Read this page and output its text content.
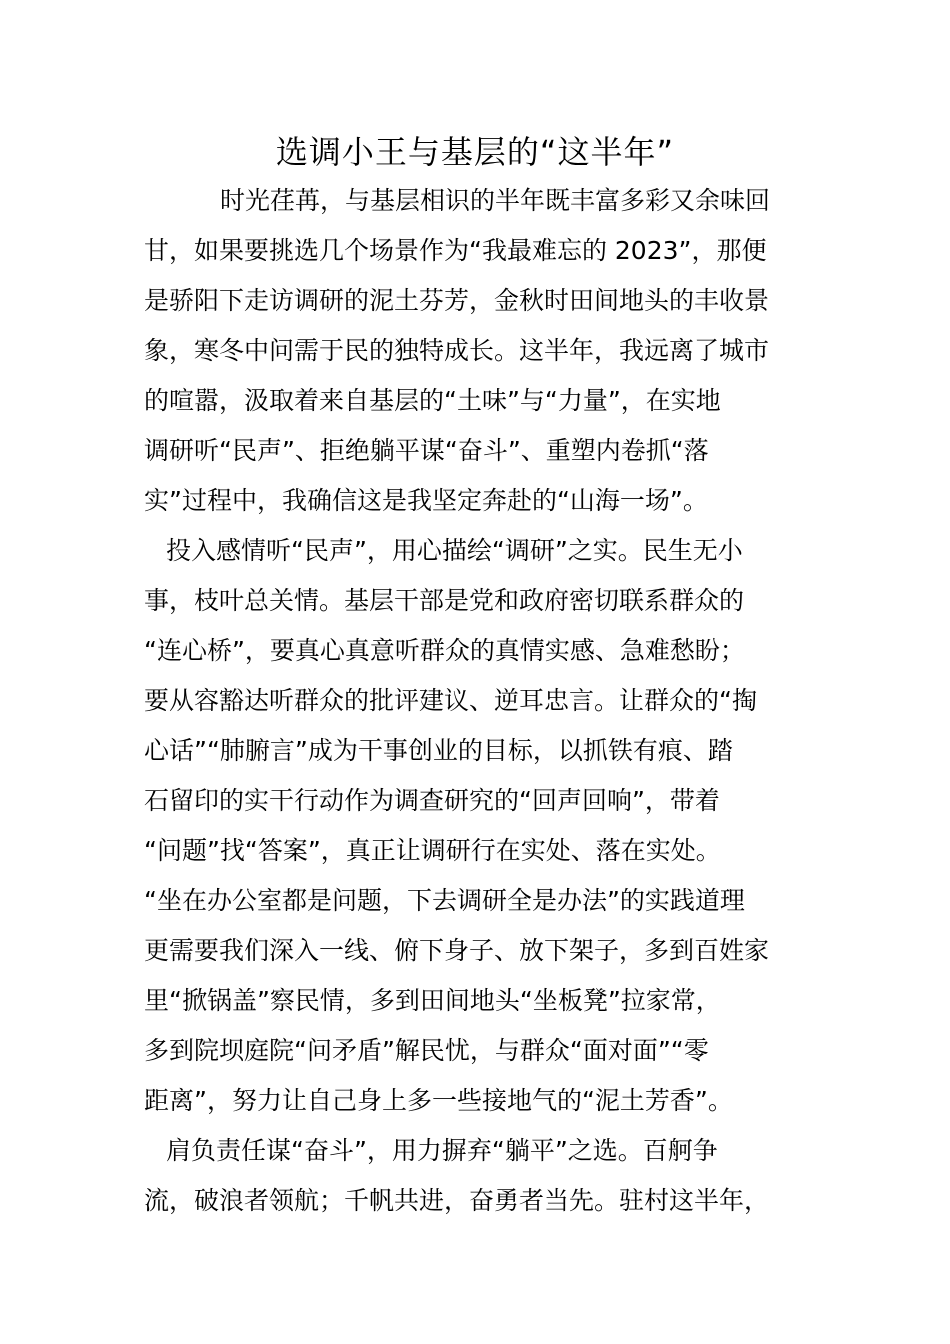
选调小王与基层的“这半年”
时光荏苒，与基层相识的半年既丰富多彩又余味回
甘，如果要挑选几个场景作为“我最难忘的 2023”，那便
是骄阳下走访调研的泥土芬芳，金秋时田间地头的丰收景
象，寒冬中问需于民的独特成长。这半年，我远离了城市
的喧嚣，汲取着来自基层的“土味”与“力量”，在实地
调研听“民声”、拒绝躺平谋“奋斗”、重塑内卷抓“落
实”过程中，我确信这是我坚定奔赴的“山海一场”。
投入感情听“民声”，用心描绘“调研”之实。民生无小
事，枝叶总关情。基层干部是党和政府密切联系群众的
“连心桥”，要真心真意听群众的真情实感、急难愁盼；
要从容豁达听群众的批评建议、逆耳忠言。让群众的“掏
心话”“肺腑言”成为干事创业的目标，以抓铁有痕、踏
石留印的实干行动作为调查研究的“回声回响”，带着
“问题”找“答案”，真正让调研行在实处、落在实处。
“坐在办公室都是问题，下去调研全是办法”的实践道理
更需要我们深入一线、俯下身子、放下架子，多到百姓家
里“掀锅盖”察民情，多到田间地头“坐板凳”拉家常，
多到院坝庭院“问矛盾”解民忧，与群众“面对面”“零
距离”，努力让自己身上多一些接地气的“泥土芳香”。
肩负责任谋“奋斗”，用力摒弃“躺平”之选。百舸争
流，破浪者领航；千帆共进，奋勇者当先。驻村这半年，
